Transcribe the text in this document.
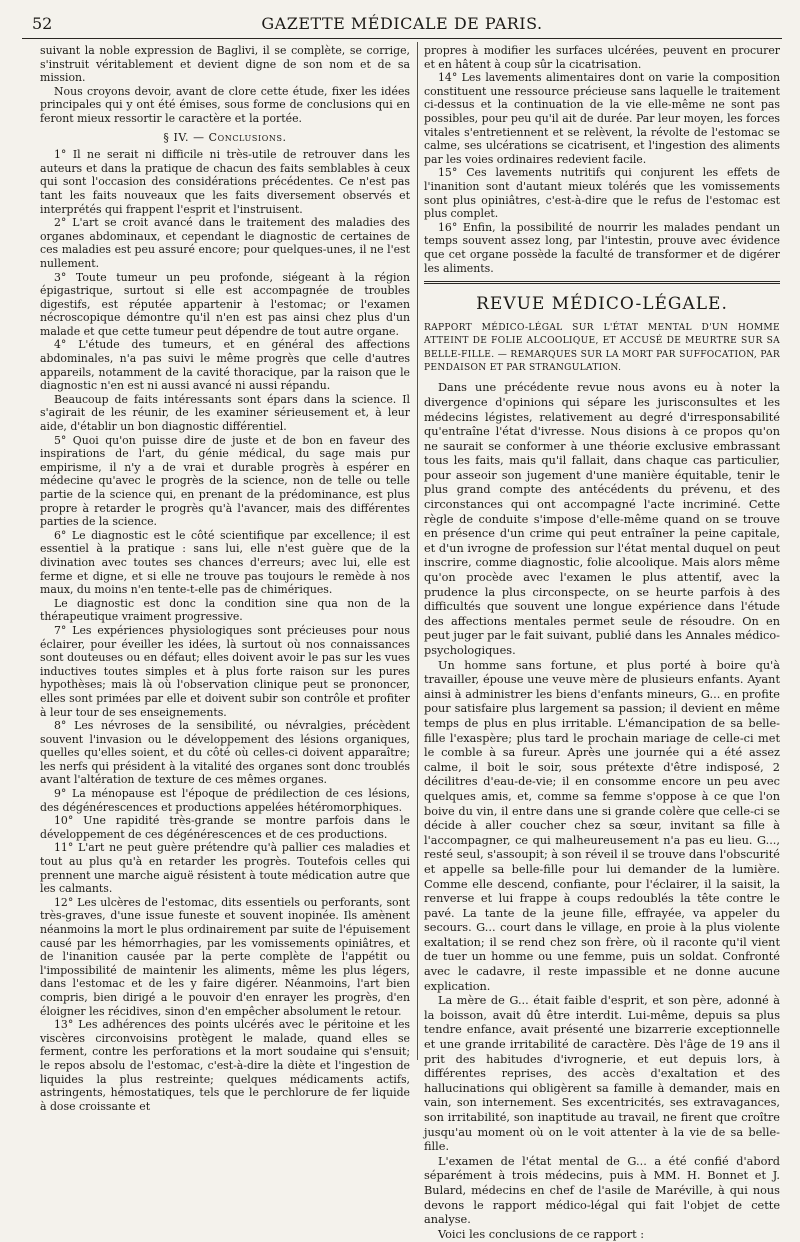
52	GAZETTE MÉDICALE DE PARIS.

suivant la noble expression de Baglivi, il se complète, se corrige, s'instruit véritablement et devient digne de son nom et de sa mission.

Nous croyons devoir, avant de clore cette étude, fixer les idées principales qui y ont été émises, sous forme de conclusions qui en feront mieux ressortir le caractère et la portée.

§ IV. — Conclusions.

1° Il ne serait ni difficile ni très-utile de retrouver dans les auteurs et dans la pratique de chacun des faits semblables à ceux qui sont l'occasion des considérations précédentes. Ce n'est pas tant les faits nouveaux que les faits diversement observés et interprétés qui frappent l'esprit et l'instruisent.

2° L'art se croit avancé dans le traitement des maladies des organes abdominaux, et cependant le diagnostic de certaines de ces maladies est peu assuré encore; pour quelques-unes, il ne l'est nullement.

3° Toute tumeur un peu profonde, siégeant à la région épigastrique, surtout si elle est accompagnée de troubles digestifs, est réputée appartenir à l'estomac; or l'examen nécroscopique démontre qu'il n'en est pas ainsi chez plus d'un malade et que cette tumeur peut dépendre de tout autre organe.

4° L'étude des tumeurs, et en général des affections abdominales, n'a pas suivi le même progrès que celle d'autres appareils, notamment de la cavité thoracique, par la raison que le diagnostic n'en est ni aussi avancé ni aussi répandu.

Beaucoup de faits intéressants sont épars dans la science. Il s'agirait de les réunir, de les examiner sérieusement et, à leur aide, d'établir un bon diagnostic différentiel.

5° Quoi qu'on puisse dire de juste et de bon en faveur des inspirations de l'art, du génie médical, du sage mais pur empirisme, il n'y a de vrai et durable progrès à espérer en médecine qu'avec le progrès de la science, non de telle ou telle partie de la science qui, en prenant de la prédominance, est plus propre à retarder le progrès qu'à l'avancer, mais des différentes parties de la science.

6° Le diagnostic est le côté scientifique par excellence; il est essentiel à la pratique : sans lui, elle n'est guère que de la divination avec toutes ses chances d'erreurs; avec lui, elle est ferme et digne, et si elle ne trouve pas toujours le remède à nos maux, du moins n'en tente-t-elle pas de chimériques.

Le diagnostic est donc la condition sine qua non de la thérapeutique vraiment progressive.

7° Les expériences physiologiques sont précieuses pour nous éclairer, pour éveiller les idées, là surtout où nos connaissances sont douteuses ou en défaut; elles doivent avoir le pas sur les vues inductives toutes simples et à plus forte raison sur les pures hypothèses; mais là où l'observation clinique peut se prononcer, elles sont primées par elle et doivent subir son contrôle et profiter à leur tour de ses enseignements.

8° Les névroses de la sensibilité, ou névralgies, précèdent souvent l'invasion ou le développement des lésions organiques, quelles qu'elles soient, et du côté où celles-ci doivent apparaître; les nerfs qui président à la vitalité des organes sont donc troublés avant l'altération de texture de ces mêmes organes.

9° La ménopause est l'époque de prédilection de ces lésions, des dégénérescences et productions appelées hétéromorphiques.

10° Une rapidité très-grande se montre parfois dans le développement de ces dégénérescences et de ces productions.

11° L'art ne peut guère prétendre qu'à pallier ces maladies et tout au plus qu'à en retarder les progrès. Toutefois celles qui prennent une marche aiguë résistent à toute médication autre que les calmants.

12° Les ulcères de l'estomac, dits essentiels ou perforants, sont très-graves, d'une issue funeste et souvent inopinée. Ils amènent néanmoins la mort le plus ordinairement par suite de l'épuisement causé par les hémorrhagies, par les vomissements opiniâtres, et de l'inanition causée par la perte complète de l'appétit ou l'impossibilité de maintenir les aliments, même les plus légers, dans l'estomac et de les y faire digérer. Néanmoins, l'art bien compris, bien dirigé a le pouvoir d'en enrayer les progrès, d'en éloigner les récidives, sinon d'en empêcher absolument le retour.

13° Les adhérences des points ulcérés avec le péritoine et les viscères circonvoisins protègent le malade, quand elles se ferment, contre les perforations et la mort soudaine qui s'ensuit; le repos absolu de l'estomac, c'est-à-dire la diète et l'ingestion de liquides la plus restreinte; quelques médicaments actifs, astringents, hémostatiques, tels que le perchlorure de fer liquide à dose croissante et

propres à modifier les surfaces ulcérées, peuvent en procurer et en hâtent à coup sûr la cicatrisation.

14° Les lavements alimentaires dont on varie la composition constituent une ressource précieuse sans laquelle le traitement ci-dessus et la continuation de la vie elle-même ne sont pas possibles, pour peu qu'il ait de durée. Par leur moyen, les forces vitales s'entretiennent et se relèvent, la révolte de l'estomac se calme, ses ulcérations se cicatrisent, et l'ingestion des aliments par les voies ordinaires redevient facile.

15° Ces lavements nutritifs qui conjurent les effets de l'inanition sont d'autant mieux tolérés que les vomissements sont plus opiniâtres, c'est-à-dire que le refus de l'estomac est plus complet.

16° Enfin, la possibilité de nourrir les malades pendant un temps souvent assez long, par l'intestin, prouve avec évidence que cet organe possède la faculté de transformer et de digérer les aliments.

REVUE MÉDICO-LÉGALE.

RAPPORT MÉDICO-LÉGAL SUR L'ÉTAT MENTAL D'UN HOMME ATTEINT DE FOLIE ALCOOLIQUE, ET ACCUSÉ DE MEURTRE SUR SA BELLE-FILLE. — REMARQUES SUR LA MORT PAR SUFFOCATION, PAR PENDAISON ET PAR STRANGULATION.

Dans une précédente revue nous avons eu à noter la divergence d'opinions qui sépare les jurisconsultes et les médecins légistes, relativement au degré d'irresponsabilité qu'entraîne l'état d'ivresse. Nous disions à ce propos qu'on ne saurait se conformer à une théorie exclusive embrassant tous les faits, mais qu'il fallait, dans chaque cas particulier, pour asseoir son jugement d'une manière équitable, tenir le plus grand compte des antécédents du prévenu, et des circonstances qui ont accompagné l'acte incriminé. Cette règle de conduite s'impose d'elle-même quand on se trouve en présence d'un crime qui peut entraîner la peine capitale, et d'un ivrogne de profession sur l'état mental duquel on peut inscrire, comme diagnostic, folie alcoolique. Mais alors même qu'on procède avec l'examen le plus attentif, avec la prudence la plus circonspecte, on se heurte parfois à des difficultés que souvent une longue expérience dans l'étude des affections mentales permet seule de résoudre. On en peut juger par le fait suivant, publié dans les Annales médico-psychologiques.

Un homme sans fortune, et plus porté à boire qu'à travailler, épouse une veuve mère de plusieurs enfants. Ayant ainsi à administrer les biens d'enfants mineurs, G... en profite pour satisfaire plus largement sa passion; il devient en même temps de plus en plus irritable. L'émancipation de sa belle-fille l'exaspère; plus tard le prochain mariage de celle-ci met le comble à sa fureur. Après une journée qui a été assez calme, il boit le soir, sous prétexte d'être indisposé, 2 décilitres d'eau-de-vie; il en consomme encore un peu avec quelques amis, et, comme sa femme s'oppose à ce que l'on boive du vin, il entre dans une si grande colère que celle-ci se décide à aller coucher chez sa sœur, invitant sa fille à l'accompagner, ce qui malheureusement n'a pas eu lieu. G..., resté seul, s'assoupit; à son réveil il se trouve dans l'obscurité et appelle sa belle-fille pour lui demander de la lumière. Comme elle descend, confiante, pour l'éclairer, il la saisit, la renverse et lui frappe à coups redoublés la tête contre le pavé. La tante de la jeune fille, effrayée, va appeler du secours. G... court dans le village, en proie à la plus violente exaltation; il se rend chez son frère, où il raconte qu'il vient de tuer un homme ou une femme, puis un soldat. Confronté avec le cadavre, il reste impassible et ne donne aucune explication.

La mère de G... était faible d'esprit, et son père, adonné à la boisson, avait dû être interdit. Lui-même, depuis sa plus tendre enfance, avait présenté une bizarrerie exceptionnelle et une grande irritabilité de caractère. Dès l'âge de 19 ans il prit des habitudes d'ivrognerie, et eut depuis lors, à différentes reprises, des accès d'exaltation et des hallucinations qui obligèrent sa famille à demander, mais en vain, son internement. Ses excentricités, ses extravagances, son irritabilité, son inaptitude au travail, ne firent que croître jusqu'au moment où on le voit attenter à la vie de sa belle-fille.

L'examen de l'état mental de G... a été confié d'abord séparément à trois médecins, puis à MM. H. Bonnet et J. Bulard, médecins en chef de l'asile de Maréville, à qui nous devons le rapport médico-légal qui fait l'objet de cette analyse.

Voici les conclusions de ce rapport :
